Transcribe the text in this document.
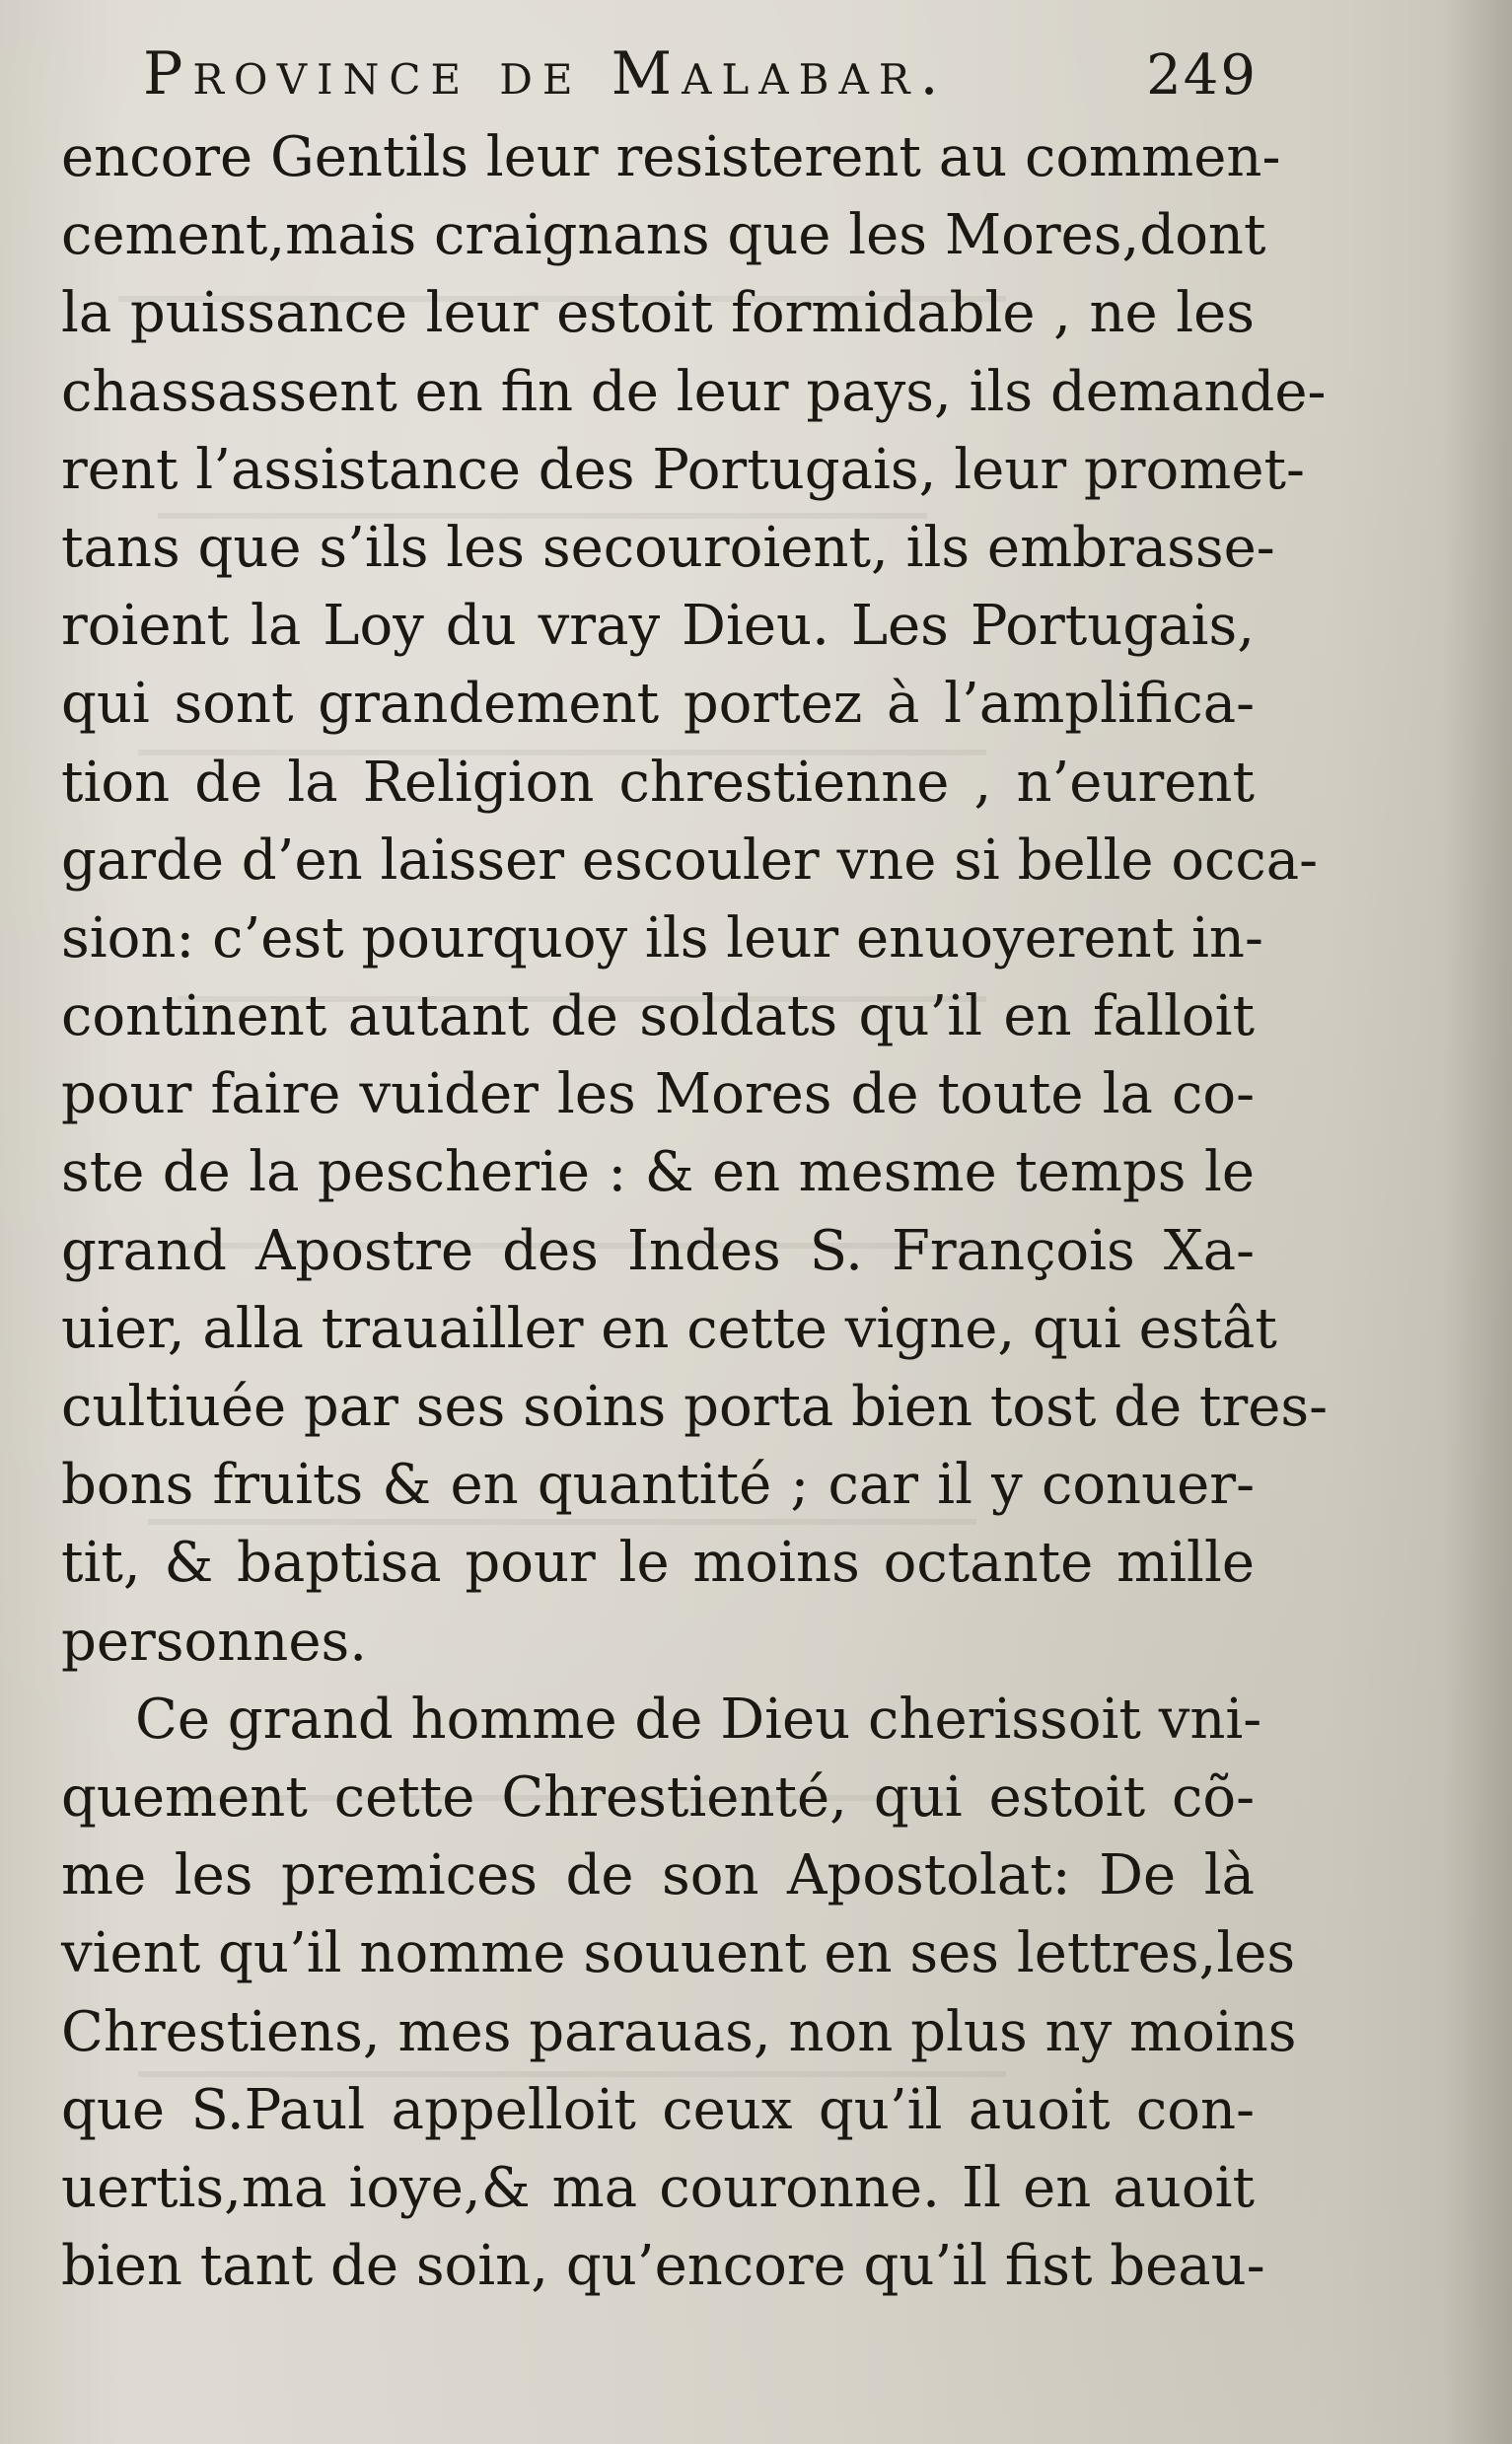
Province de Malabar.	249
encore Gentils leur resisterent au commen-
cement,mais craignans que les Mores,dont
la puissance leur estoit formidable , ne les
chassassent en fin de leur pays, ils demande-
rent l’assistance des Portugais, leur promet-
tans que s’ils les secouroient, ils embrasse-
roient la Loy du vray Dieu. Les Portugais,
qui sont grandement portez à l’amplifica-
tion de la Religion chrestienne , n’eurent
garde d’en laisser escouler vne si belle occa-
sion: c’est pourquoy ils leur enuoyerent in-
continent autant de soldats qu’il en falloit
pour faire vuider les Mores de toute la co-
ste de la pescherie : & en mesme temps le
grand Apostre des Indes S. François Xa-
uier, alla trauailler en cette vigne, qui estât
cultiuée par ses soins porta bien tost de tres-
bons fruits & en quantité ; car il y conuer-
tit, & baptisa pour le moins octante mille
personnes.
Ce grand homme de Dieu cherissoit vni-
quement cette Chrestienté, qui estoit cõ-
me les premices de son Apostolat: De là
vient qu’il nomme souuent en ses lettres,les
Chrestiens, mes parauas, non plus ny moins
que S.Paul appelloit ceux qu’il auoit con-
uertis,ma ioye,& ma couronne. Il en auoit
bien tant de soin, qu’encore qu’il fist beau-
